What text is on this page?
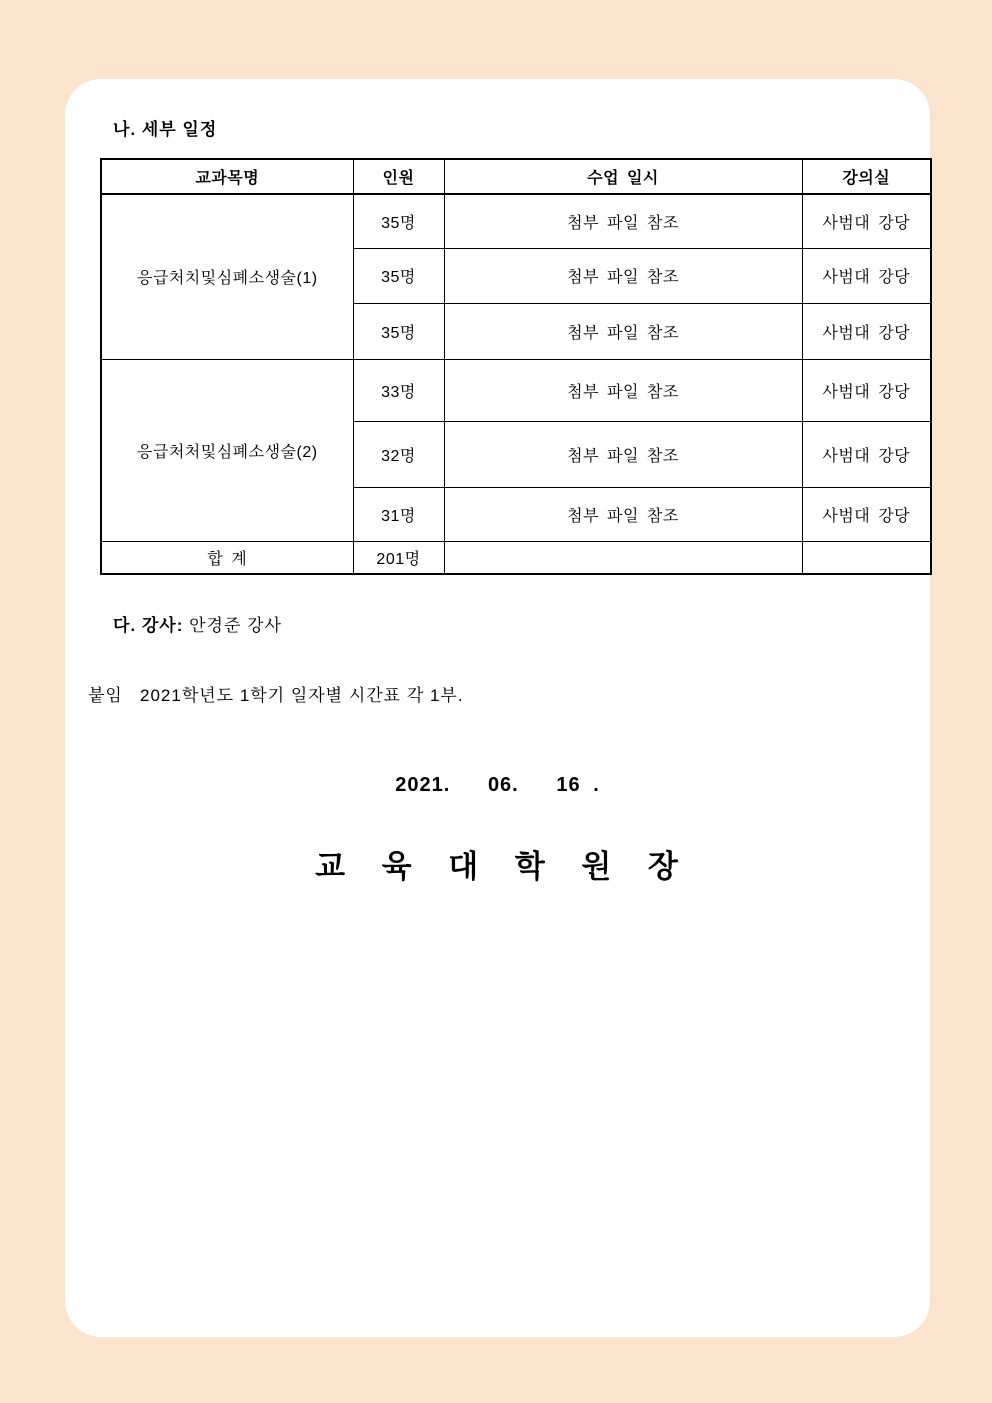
나. 세부 일정
교과목명	인원	수업 일시	강의실
응급처치및심폐소생술(1)	35명	첨부 파일 참조	사범대 강당
	35명	첨부 파일 참조	사범대 강당
	35명	첨부 파일 참조	사범대 강당
응급처처및심폐소생술(2)	33명	첨부 파일 참조	사범대 강당
	32명	첨부 파일 참조	사범대 강당
	31명	첨부 파일 참조	사범대 강당
합 계	201명		
다. 강사: 안경준 강사
붙임   2021학년도 1학기 일자별 시간표 각 1부.
2021.   06.   16 .
교 육 대 학 원 장
